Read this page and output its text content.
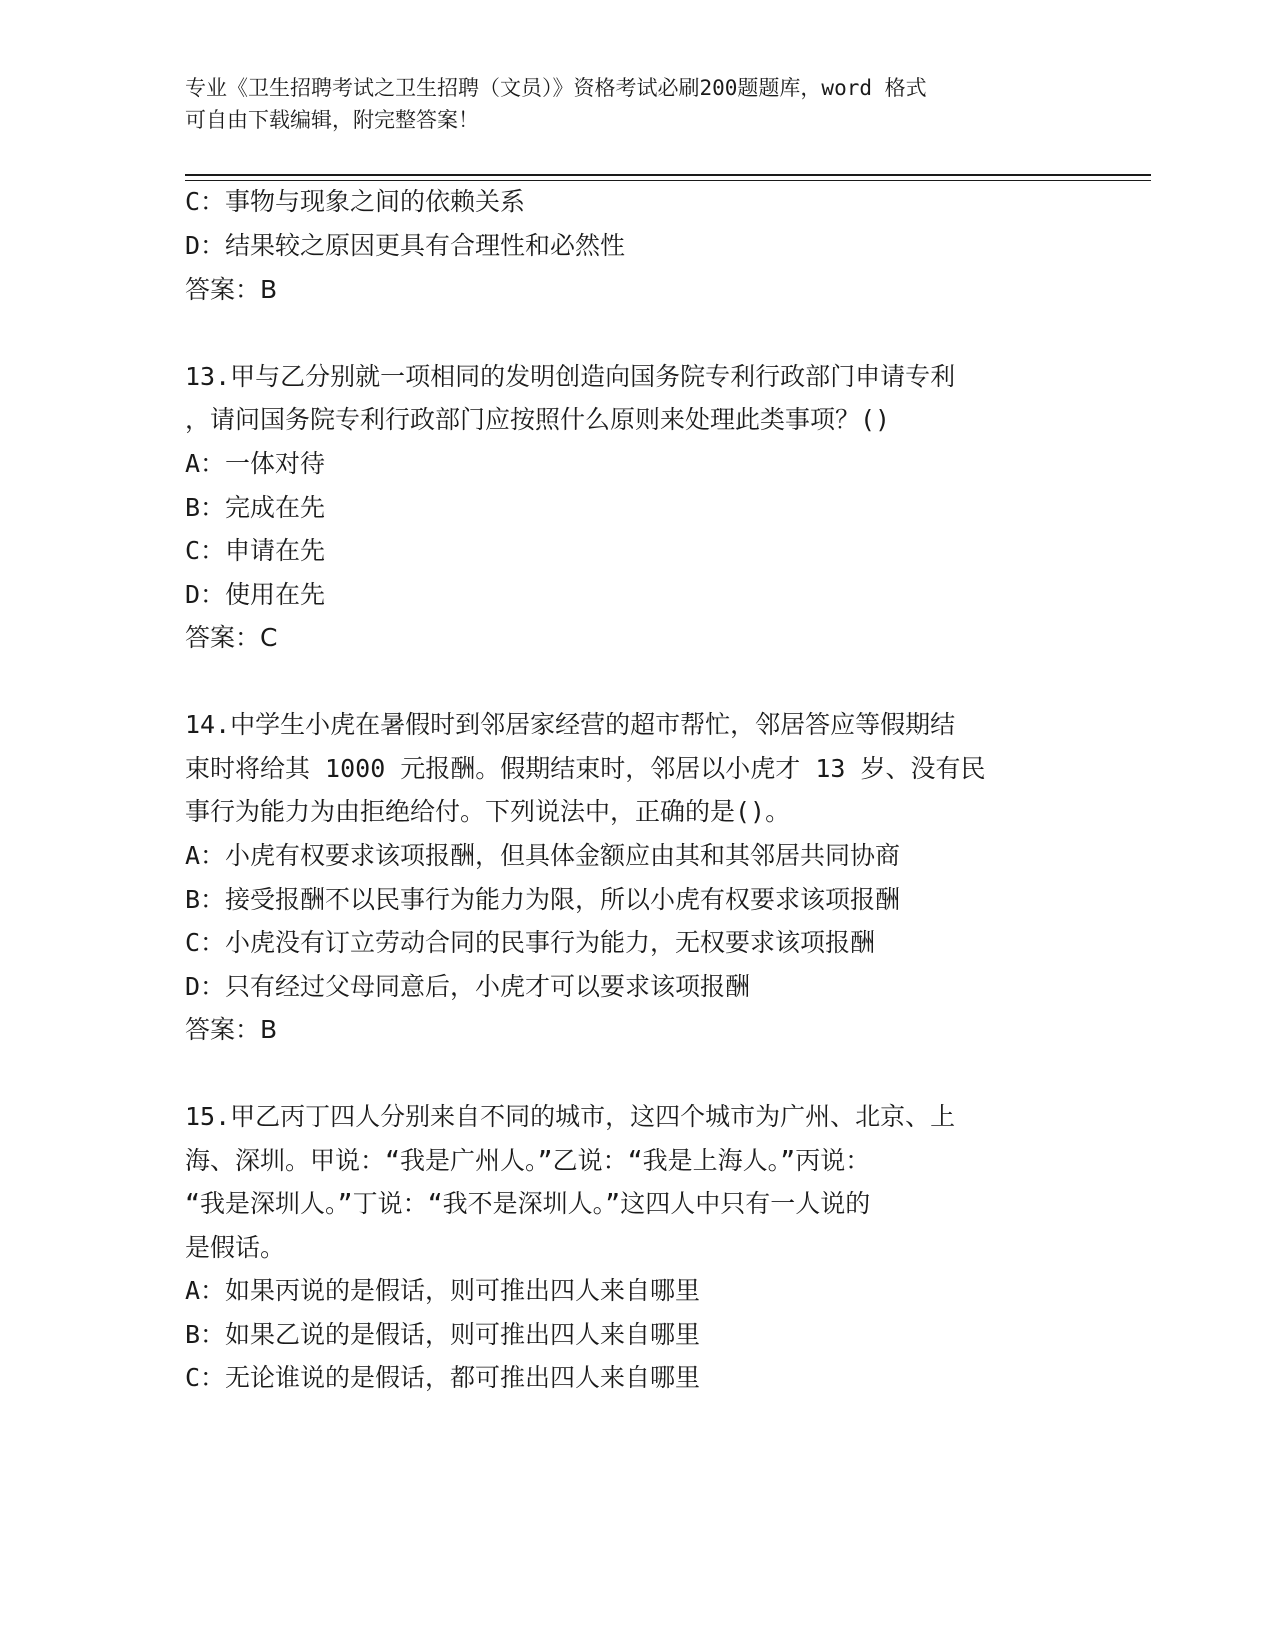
专业《卫生招聘考试之卫生招聘（文员）》资格考试必刷200题题库，word 格式
可自由下载编辑，附完整答案！
C：事物与现象之间的依赖关系
D：结果较之原因更具有合理性和必然性
答案：B
13.甲与乙分别就一项相同的发明创造向国务院专利行政部门申请专利
，请问国务院专利行政部门应按照什么原则来处理此类事项？()
A：一体对待
B：完成在先
C：申请在先
D：使用在先
答案：C
14.中学生小虎在暑假时到邻居家经营的超市帮忙，邻居答应等假期结
束时将给其 1000 元报酬。假期结束时，邻居以小虎才 13 岁、没有民
事行为能力为由拒绝给付。下列说法中，正确的是()。
A：小虎有权要求该项报酬，但具体金额应由其和其邻居共同协商
B：接受报酬不以民事行为能力为限，所以小虎有权要求该项报酬
C：小虎没有订立劳动合同的民事行为能力，无权要求该项报酬
D：只有经过父母同意后，小虎才可以要求该项报酬
答案：B
15.甲乙丙丁四人分别来自不同的城市，这四个城市为广州、北京、上
海、深圳。甲说：“我是广州人。”乙说：“我是上海人。”丙说：
“我是深圳人。”丁说：“我不是深圳人。”这四人中只有一人说的
是假话。
A：如果丙说的是假话，则可推出四人来自哪里
B：如果乙说的是假话，则可推出四人来自哪里
C：无论谁说的是假话，都可推出四人来自哪里
